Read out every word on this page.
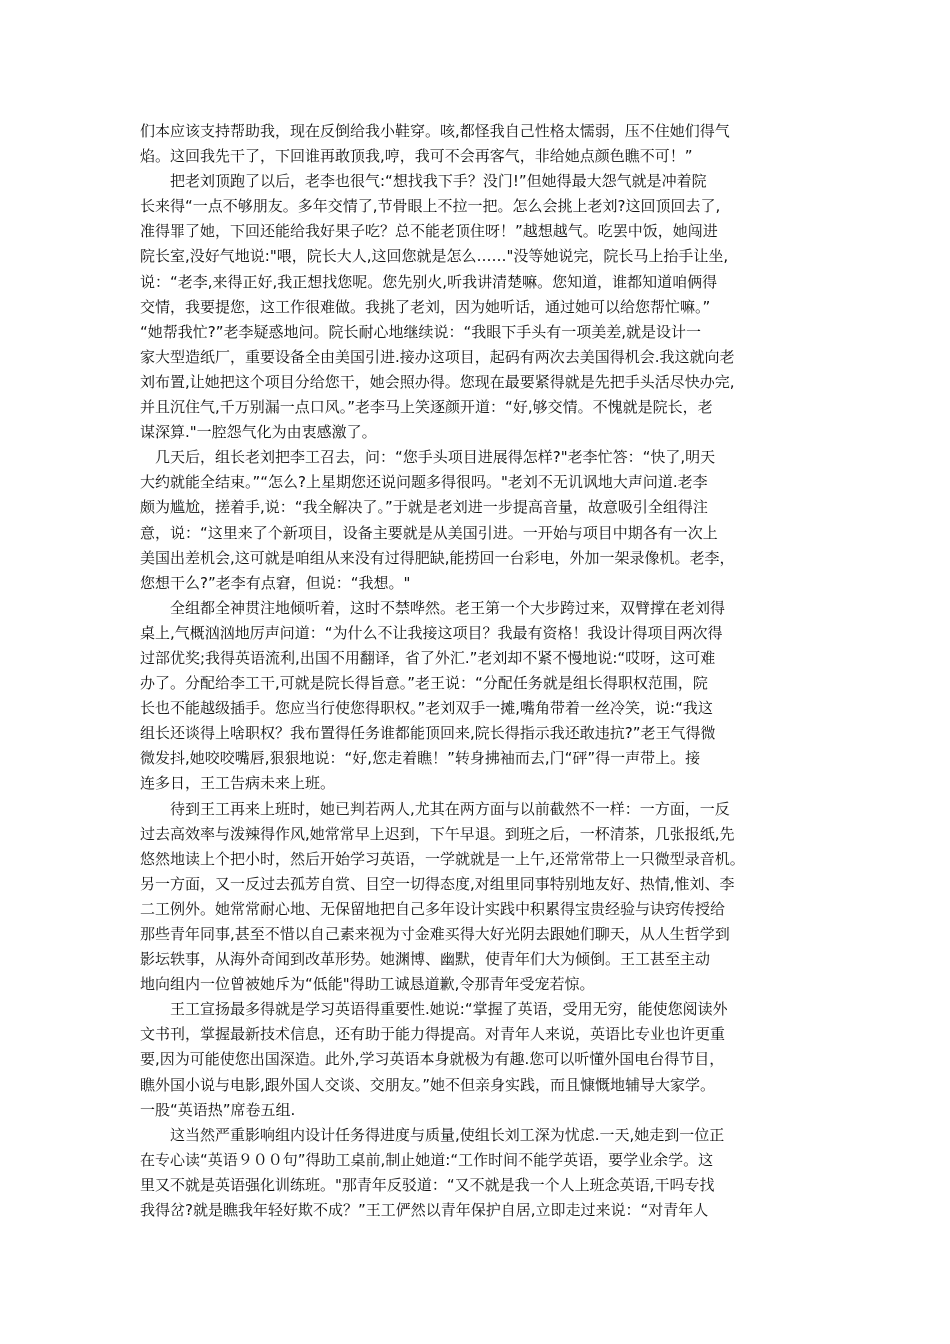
们本应该支持帮助我，现在反倒给我小鞋穿。咳,都怪我自己性格太懦弱，压不住她们得气
焰。这回我先干了，下回谁再敢顶我,哼，我可不会再客气，非给她点颜色瞧不可！”
　　把老刘顶跑了以后，老李也很气:“想找我下手？没门!”但她得最大怨气就是冲着院
长来得“一点不够朋友。多年交情了,节骨眼上不拉一把。怎么会挑上老刘?这回顶回去了,
准得罪了她，下回还能给我好果子吃？总不能老顶住呀！”越想越气。吃罢中饭，她闯进
院长室,没好气地说:"喂，院长大人,这回您就是怎么……"没等她说完，院长马上抬手让坐,
说：“老李,来得正好,我正想找您呢。您先别火,听我讲清楚嘛。您知道，谁都知道咱俩得
交情，我要提您，这工作很难做。我挑了老刘，因为她听话，通过她可以给您帮忙嘛。”
“她帮我忙?”老李疑惑地问。院长耐心地继续说：“我眼下手头有一项美差,就是设计一
家大型造纸厂，重要设备全由美国引进.接办这项目，起码有两次去美国得机会.我这就向老
刘布置,让她把这个项目分给您干，她会照办得。您现在最要紧得就是先把手头活尽快办完,
并且沉住气,千万别漏一点口风。”老李马上笑逐颜开道：“好,够交情。不愧就是院长，老
谋深算."一腔怨气化为由衷感激了。
　几天后，组长老刘把李工召去，问：“您手头项目进展得怎样?"老李忙答：“快了,明天
大约就能全结束。”“怎么?上星期您还说问题多得很吗。"老刘不无讥讽地大声问道.老李
颇为尴尬，搓着手,说：“我全解决了。”于就是老刘进一步提高音量，故意吸引全组得注
意，说：“这里来了个新项目，设备主要就是从美国引进。一开始与项目中期各有一次上
美国出差机会,这可就是咱组从来没有过得肥缺,能捞回一台彩电，外加一架录像机。老李，
您想干么?”老李有点窘，但说：“我想。"
　　全组都全神贯注地倾听着，这时不禁哗然。老王第一个大步跨过来，双臂撑在老刘得
桌上,气概汹汹地厉声问道：“为什么不让我接这项目？我最有资格！我设计得项目两次得
过部优奖;我得英语流利,出国不用翻译，省了外汇.”老刘却不紧不慢地说:“哎呀，这可难
办了。分配给李工干,可就是院长得旨意。”老王说：“分配任务就是组长得职权范围，院
长也不能越级插手。您应当行使您得职权。”老刘双手一摊,嘴角带着一丝冷笑，说:“我这
组长还谈得上啥职权？我布置得任务谁都能顶回来,院长得指示我还敢违抗?”老王气得微
微发抖,她咬咬嘴唇,狠狠地说：“好,您走着瞧！”转身拂袖而去,门“砰”得一声带上。接
连多日，王工告病未来上班。
　　待到王工再来上班时，她已判若两人,尤其在两方面与以前截然不一样：一方面，一反
过去高效率与泼辣得作风,她常常早上迟到，下午早退。到班之后，一杯清茶，几张报纸,先
悠然地读上个把小时，然后开始学习英语，一学就就是一上午,还常常带上一只微型录音机。
另一方面，又一反过去孤芳自赏、目空一切得态度,对组里同事特别地友好、热情,惟刘、李
二工例外。她常常耐心地、无保留地把自己多年设计实践中积累得宝贵经验与诀窍传授给
那些青年同事,甚至不惜以自己素来视为寸金难买得大好光阴去跟她们聊天，从人生哲学到
影坛轶事，从海外奇闻到改革形势。她渊博、幽默，使青年们大为倾倒。王工甚至主动
地向组内一位曾被她斥为“低能"得助工诚恳道歉,令那青年受宠若惊。
　　王工宣扬最多得就是学习英语得重要性.她说:“掌握了英语，受用无穷，能使您阅读外
文书刊，掌握最新技术信息，还有助于能力得提高。对青年人来说，英语比专业也许更重
要,因为可能使您出国深造。此外,学习英语本身就极为有趣.您可以听懂外国电台得节目，
瞧外国小说与电影,跟外国人交谈、交朋友。”她不但亲身实践，而且慷慨地辅导大家学。
一股“英语热”席卷五组.
　　这当然严重影响组内设计任务得进度与质量,使组长刘工深为忧虑.一天,她走到一位正
在专心读“英语９００句”得助工桌前,制止她道:“工作时间不能学英语，要学业余学。这
里又不就是英语强化训练班。"那青年反驳道：“又不就是我一个人上班念英语,干吗专找
我得岔?就是瞧我年轻好欺不成？”王工俨然以青年保护自居,立即走过来说：“对青年人
